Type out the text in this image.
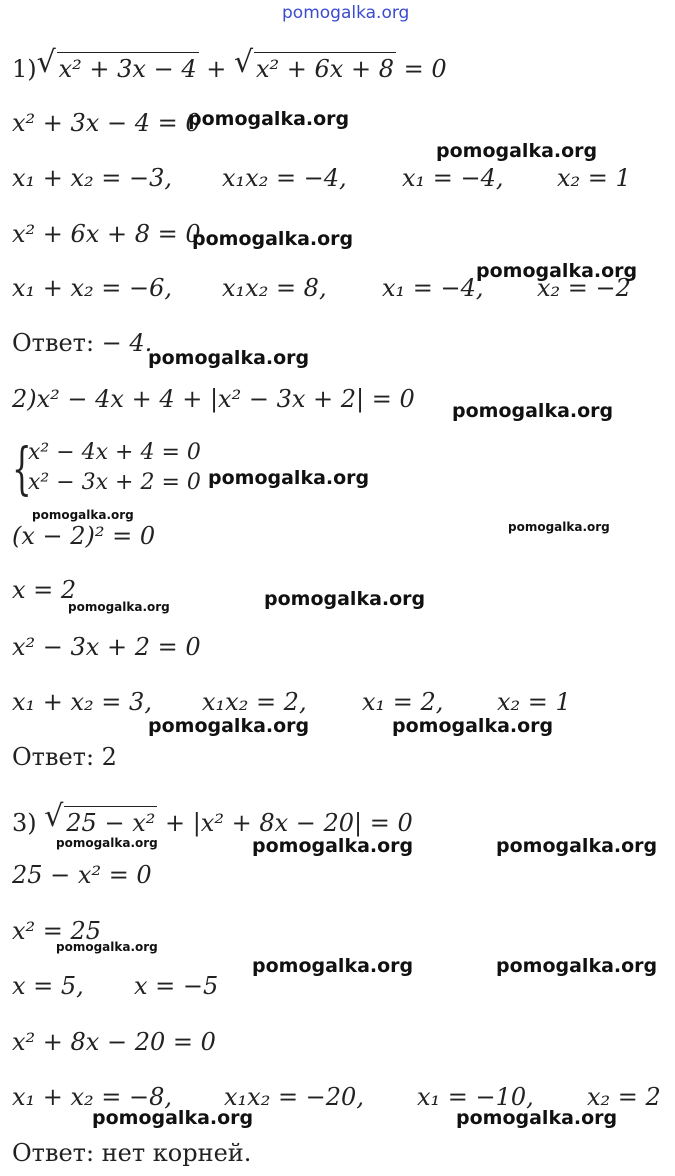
pomogalka.org
1) √ x² + 3x − 4 + √ x² + 6x + 8 = 0
x² + 3x − 4 = 0
x₁ + x₂ = −3, x₁x₂ = −4, x₁ = −4, x₂ = 1
x² + 6x + 8 = 0
x₁ + x₂ = −6, x₁x₂ = 8, x₁ = −4, x₂ = −2
Ответ: − 4.
2)x² − 4x + 4 + |x² − 3x + 2| = 0
{
x² − 4x + 4 = 0
x² − 3x + 2 = 0
(x − 2)² = 0
x = 2
x² − 3x + 2 = 0
x₁ + x₂ = 3, x₁x₂ = 2, x₁ = 2, x₂ = 1
Ответ: 2
3) √ 25 − x² + |x² + 8x − 20| = 0
25 − x² = 0
x² = 25
x = 5, x = −5
x² + 8x − 20 = 0
x₁ + x₂ = −8, x₁x₂ = −20, x₁ = −10, x₂ = 2
Ответ: нет корней.
pomogalka.org
pomogalka.org
pomogalka.org
pomogalka.org
pomogalka.org
pomogalka.org
pomogalka.org
pomogalka.org
pomogalka.org
pomogalka.org	pomogalka.org
pomogalka.org	pomogalka.org
pomogalka.org	pomogalka.org	pomogalka.org
pomogalka.org
pomogalka.org	pomogalka.org
pomogalka.org	pomogalka.org
